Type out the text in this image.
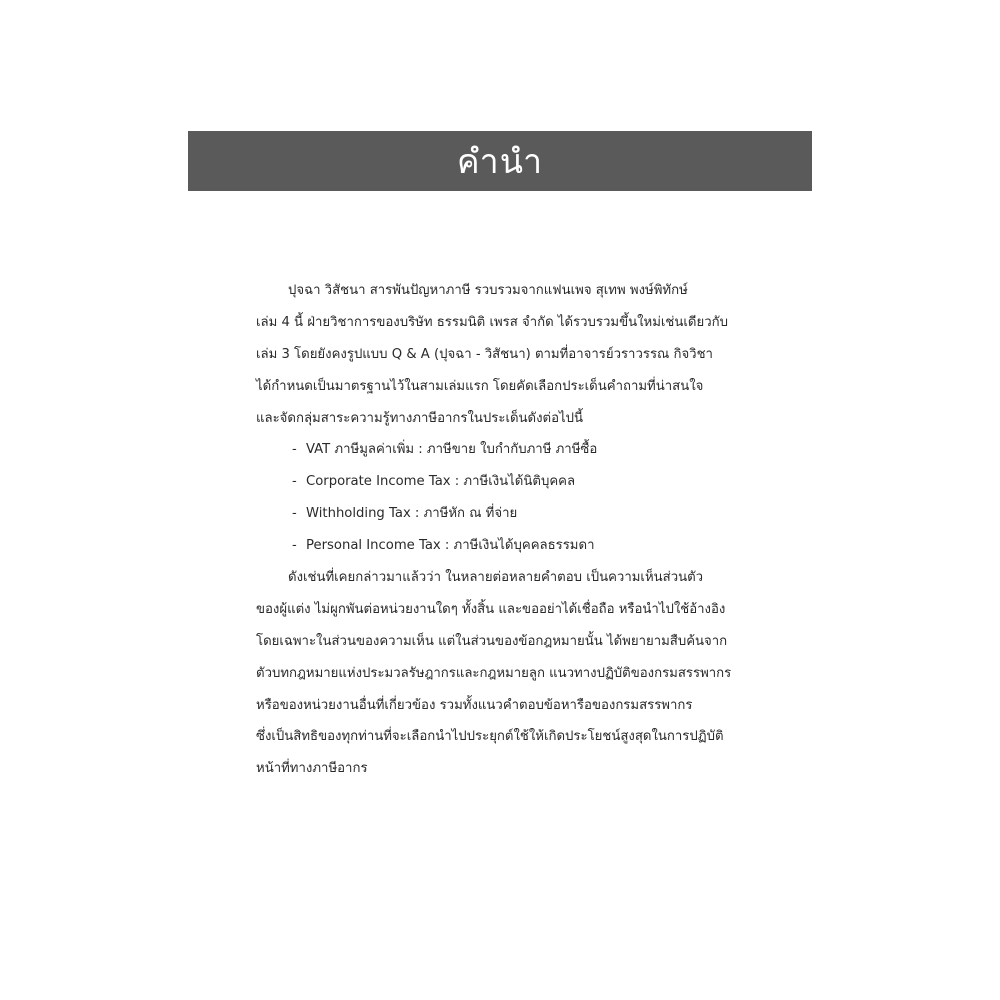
คำนำ
ปุจฉา วิสัชนา สารพันปัญหาภาษี รวบรวมจากแฟนเพจ สุเทพ พงษ์พิทักษ์
เล่ม 4 นี้ ฝ่ายวิชาการของบริษัท ธรรมนิติ เพรส จำกัด ได้รวบรวมขึ้นใหม่เช่นเดียวกับ
เล่ม 3 โดยยังคงรูปแบบ Q & A (ปุจฉา - วิสัชนา) ตามที่อาจารย์วราวรรณ กิจวิชา
ได้กำหนดเป็นมาตรฐานไว้ในสามเล่มแรก โดยคัดเลือกประเด็นคำถามที่น่าสนใจ
และจัดกลุ่มสาระความรู้ทางภาษีอากรในประเด็นดังต่อไปนี้
- VAT ภาษีมูลค่าเพิ่ม : ภาษีขาย ใบกำกับภาษี ภาษีซื้อ
- Corporate Income Tax : ภาษีเงินได้นิติบุคคล
- Withholding Tax : ภาษีหัก ณ ที่จ่าย
- Personal Income Tax : ภาษีเงินได้บุคคลธรรมดา
ดังเช่นที่เคยกล่าวมาแล้วว่า ในหลายต่อหลายคำตอบ เป็นความเห็นส่วนตัว
ของผู้แต่ง ไม่ผูกพันต่อหน่วยงานใดๆ ทั้งสิ้น และขออย่าได้เชื่อถือ หรือนำไปใช้อ้างอิง
โดยเฉพาะในส่วนของความเห็น แต่ในส่วนของข้อกฎหมายนั้น ได้พยายามสืบค้นจาก
ตัวบทกฎหมายแห่งประมวลรัษฎากรและกฎหมายลูก แนวทางปฏิบัติของกรมสรรพากร
หรือของหน่วยงานอื่นที่เกี่ยวข้อง รวมทั้งแนวคำตอบข้อหารือของกรมสรรพากร
ซึ่งเป็นสิทธิของทุกท่านที่จะเลือกนำไปประยุกต์ใช้ให้เกิดประโยชน์สูงสุดในการปฏิบัติ
หน้าที่ทางภาษีอากร
